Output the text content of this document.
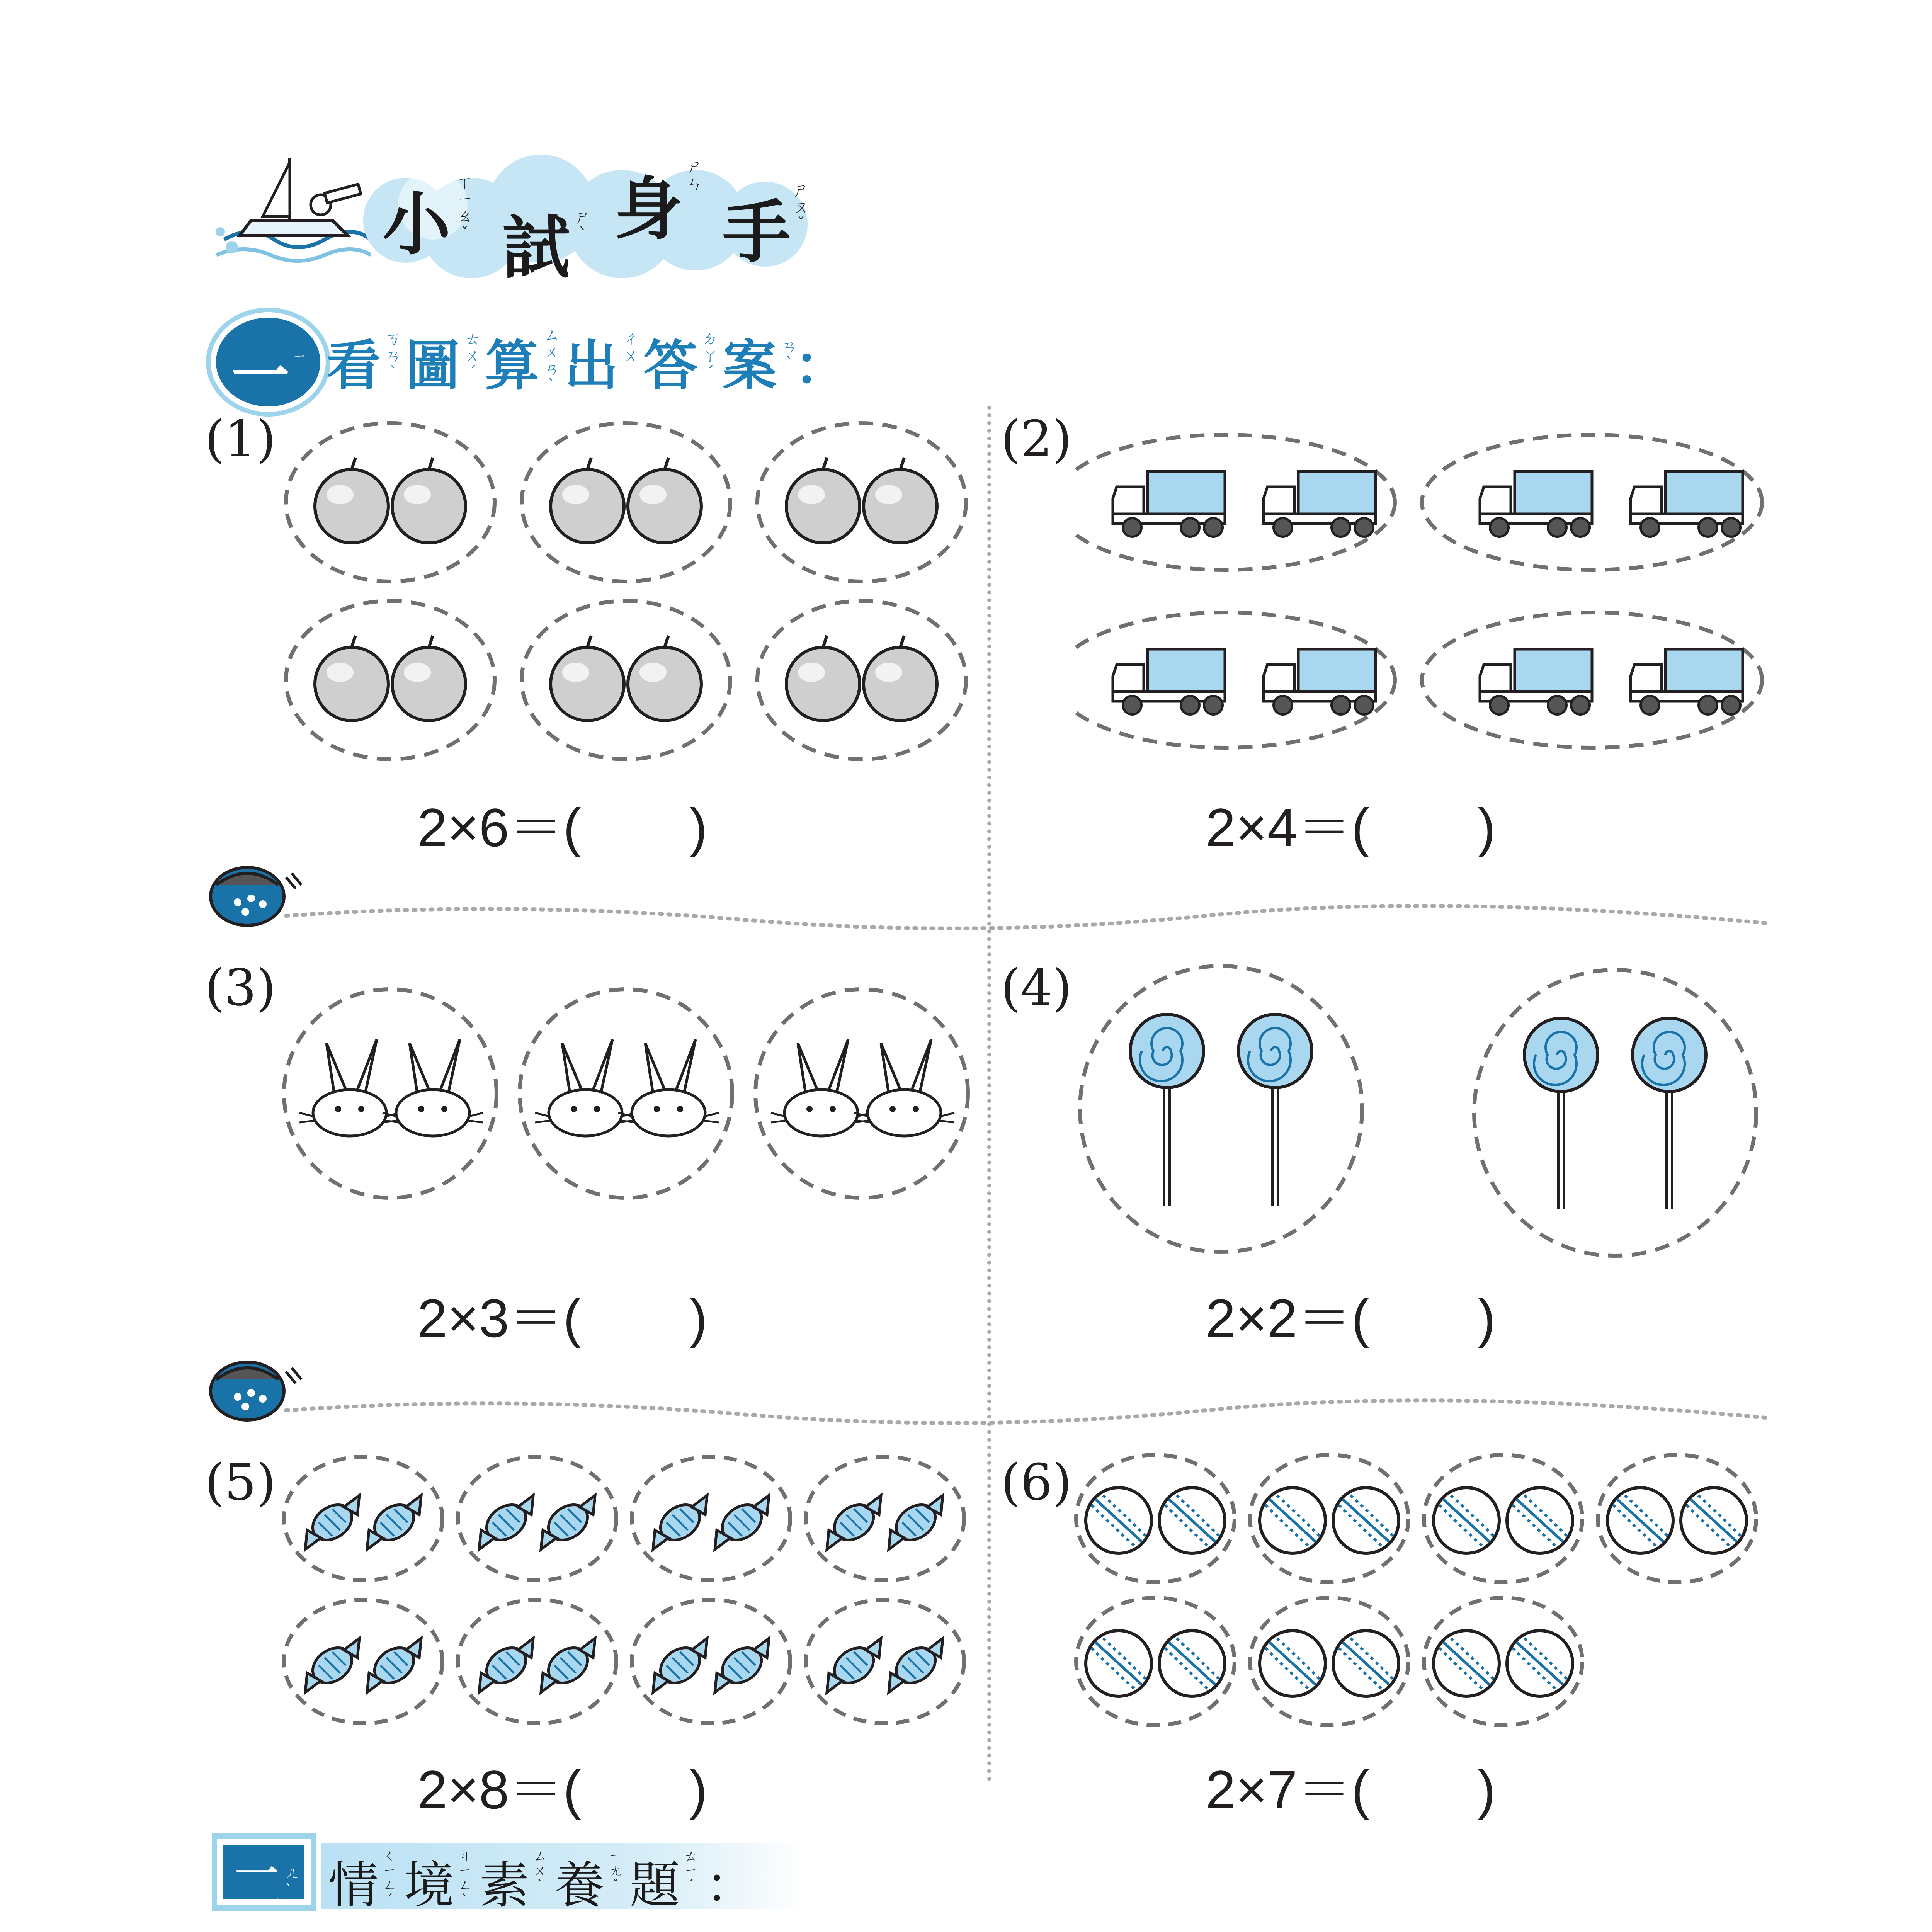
小
ㄒㄧㄠˇ 試 ㄕˋ 身
ㄕㄣ
手
ㄕㄡˇ
一 ㄧ 看 ㄎㄢˋ 圖 ㄊㄨˊ 算 ㄙㄨㄢˋ 出 ㄔㄨ 答 ㄉㄚˊ 案 ㄢˋ ：
(1)
2×6＝(　　)
(2)
2×4＝(　　)
(3)
2×3＝(　　)
(4)
2×2＝(　　)
(5)
2×8＝(　　)
(6)
2×7＝(　　)
二
ㄦˋ 情 ㄑㄧㄥˊ 境 ㄐㄧㄥˋ 素 ㄙㄨˋ 養 ㄧㄤˇ 題 ㄊㄧˊ ：
